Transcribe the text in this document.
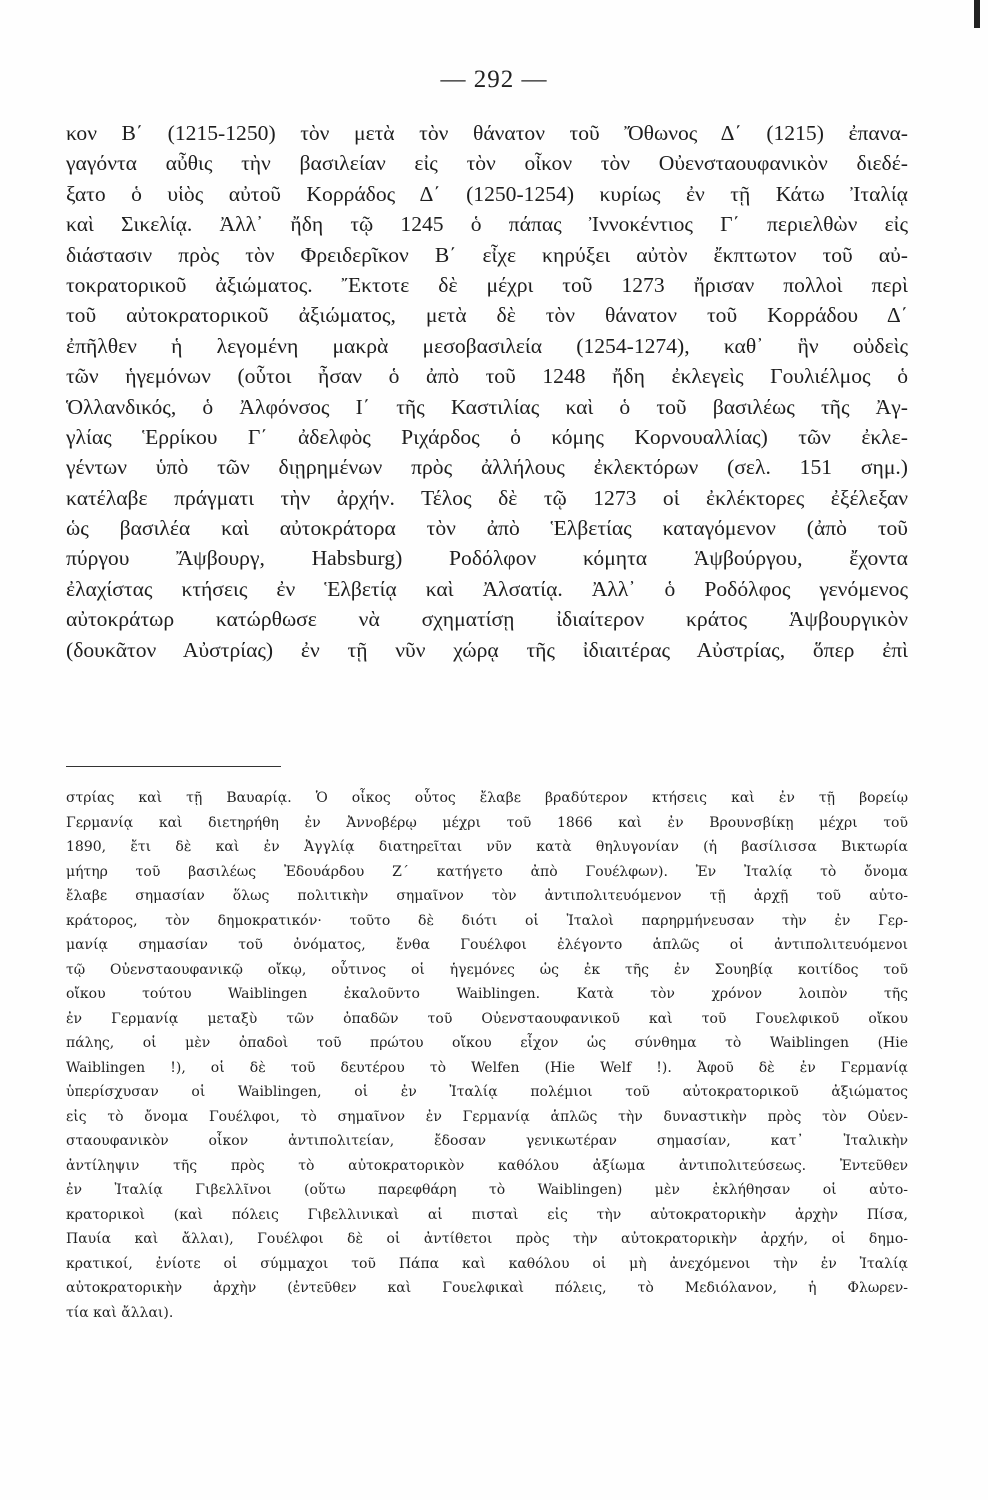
— 292 —
κον Β΄ (1215-1250) τὸν μετὰ τὸν θάνατον τοῦ Ὄθωνος Δ΄ (1215) ἐπανα-
γαγόντα αὖθις τὴν βασιλείαν εἰς τὸν οἶκον τὸν Οὐενσταουφανικὸν διεδέ-
ξατο ὁ υἱὸς αὐτοῦ Κορράδος Δ΄ (1250-1254) κυρίως ἐν τῇ Κάτω Ἰταλίᾳ
καὶ Σικελίᾳ. Ἀλλ᾽ ἤδη τῷ 1245 ὁ πάπας Ἰννοκέντιος Γ΄ περιελθὼν εἰς
διάστασιν πρὸς τὸν Φρειδερῖκον Β΄ εἶχε κηρύξει αὐτὸν ἔκπτωτον τοῦ αὐ-
τοκρατορικοῦ ἀξιώματος. Ἔκτοτε δὲ μέχρι τοῦ 1273 ἤρισαν πολλοὶ περὶ
τοῦ αὐτοκρατορικοῦ ἀξιώματος, μετὰ δὲ τὸν θάνατον τοῦ Κορράδου Δ΄
ἐπῆλθεν ἡ λεγομένη μακρὰ μεσοβασιλεία (1254-1274), καθ᾽ ἣν οὐδεὶς
τῶν ἡγεμόνων (οὗτοι ἦσαν ὁ ἀπὸ τοῦ 1248 ἤδη ἐκλεγεὶς Γουλιέλμος ὁ
Ὁλλανδικός, ὁ Ἀλφόνσος Ι΄ τῆς Καστιλίας καὶ ὁ τοῦ βασιλέως τῆς Ἀγ-
γλίας Ἑρρίκου Γ΄ ἀδελφὸς Ριχάρδος ὁ κόμης Κορνουαλλίας) τῶν ἐκλε-
γέντων ὑπὸ τῶν διῃρημένων πρὸς ἀλλήλους ἐκλεκτόρων (σελ. 151 σημ.)
κατέλαβε πράγματι τὴν ἀρχήν. Τέλος δὲ τῷ 1273 οἱ ἐκλέκτορες ἐξέλεξαν
ὡς βασιλέα καὶ αὐτοκράτορα τὸν ἀπὸ Ἑλβετίας καταγόμενον (ἀπὸ τοῦ
πύργου Ἄψβουργ, Habsburg) Ροδόλφον κόμητα Ἁψβούργου, ἔχοντα
ἐλαχίστας κτήσεις ἐν Ἑλβετίᾳ καὶ Ἀλσατίᾳ. Ἀλλ᾽ ὁ Ροδόλφος γενόμενος
αὐτοκράτωρ κατώρθωσε νὰ σχηματίσῃ ἰδιαίτερον κράτος Ἁψβουργικὸν
(δουκᾶτον Αὐστρίας) ἐν τῇ νῦν χώρᾳ τῆς ἰδιαιτέρας Αὐστρίας, ὅπερ ἐπὶ
στρίας καὶ τῇ Βαυαρίᾳ. Ὁ οἶκος οὗτος ἔλαβε βραδύτερον κτήσεις καὶ ἐν τῇ βορείῳ
Γερμανίᾳ καὶ διετηρήθη ἐν Ἀννοβέρῳ μέχρι τοῦ 1866 καὶ ἐν Βρουνσβίκῃ μέχρι τοῦ
1890, ἔτι δὲ καὶ ἐν Ἀγγλίᾳ διατηρεῖται νῦν κατὰ θηλυγονίαν (ἡ βασίλισσα Βικτωρία
μήτηρ τοῦ βασιλέως Ἐδουάρδου Ζ΄ κατήγετο ἀπὸ Γουέλφων). Ἐν Ἰταλίᾳ τὸ ὄνομα
ἔλαβε σημασίαν ὅλως πολιτικὴν σημαῖνον τὸν ἀντιπολιτευόμενον τῇ ἀρχῇ τοῦ αὐτο-
κράτορος, τὸν δημοκρατικόν· τοῦτο δὲ διότι οἱ Ἰταλοὶ παρηρμήνευσαν τὴν ἐν Γερ-
μανίᾳ σημασίαν τοῦ ὀνόματος, ἔνθα Γουέλφοι ἐλέγοντο ἁπλῶς οἱ ἀντιπολιτευόμενοι
τῷ Οὐενσταουφανικῷ οἴκῳ, οὗτινος οἱ ἡγεμόνες ὡς ἐκ τῆς ἐν Σουηβίᾳ κοιτίδος τοῦ
οἴκου τούτου Waiblingen ἐκαλοῦντο Waiblingen. Κατὰ τὸν χρόνον λοιπὸν τῆς
ἐν Γερμανίᾳ μεταξὺ τῶν ὀπαδῶν τοῦ Οὐενσταουφανικοῦ καὶ τοῦ Γουελφικοῦ οἴκου
πάλης, οἱ μὲν ὀπαδοὶ τοῦ πρώτου οἴκου εἶχον ὡς σύνθημα τὸ Waiblingen (Hie
Waiblingen !), οἱ δὲ τοῦ δευτέρου τὸ Welfen (Hie Welf !). Ἀφοῦ δὲ ἐν Γερμανίᾳ
ὑπερίσχυσαν οἱ Waiblingen, οἱ ἐν Ἰταλίᾳ πολέμιοι τοῦ αὐτοκρατορικοῦ ἀξιώματος
εἰς τὸ ὄνομα Γουέλφοι, τὸ σημαῖνον ἐν Γερμανίᾳ ἁπλῶς τὴν δυναστικὴν πρὸς τὸν Οὐεν-
σταουφανικὸν οἶκον ἀντιπολιτείαν, ἔδοσαν γενικωτέραν σημασίαν, κατ᾽ Ἰταλικὴν
ἀντίληψιν τῆς πρὸς τὸ αὐτοκρατορικὸν καθόλου ἀξίωμα ἀντιπολιτεύσεως. Ἐντεῦθεν
ἐν Ἰταλίᾳ Γιβελλῖνοι (οὕτω παρεφθάρη τὸ Waiblingen) μὲν ἐκλήθησαν οἱ αὐτο-
κρατορικοὶ (καὶ πόλεις Γιβελλινικαὶ αἱ πισταὶ εἰς τὴν αὐτοκρατορικὴν ἀρχὴν Πίσα,
Παυία καὶ ἄλλαι), Γουέλφοι δὲ οἱ ἀντίθετοι πρὸς τὴν αὐτοκρατορικὴν ἀρχήν, οἱ δημο-
κρατικοί, ἐνίοτε οἱ σύμμαχοι τοῦ Πάπα καὶ καθόλου οἱ μὴ ἀνεχόμενοι τὴν ἐν Ἰταλίᾳ
αὐτοκρατορικὴν ἀρχὴν (ἐντεῦθεν καὶ Γουελφικαὶ πόλεις, τὸ Μεδιόλανον, ἡ Φλωρεν-
τία καὶ ἄλλαι).
